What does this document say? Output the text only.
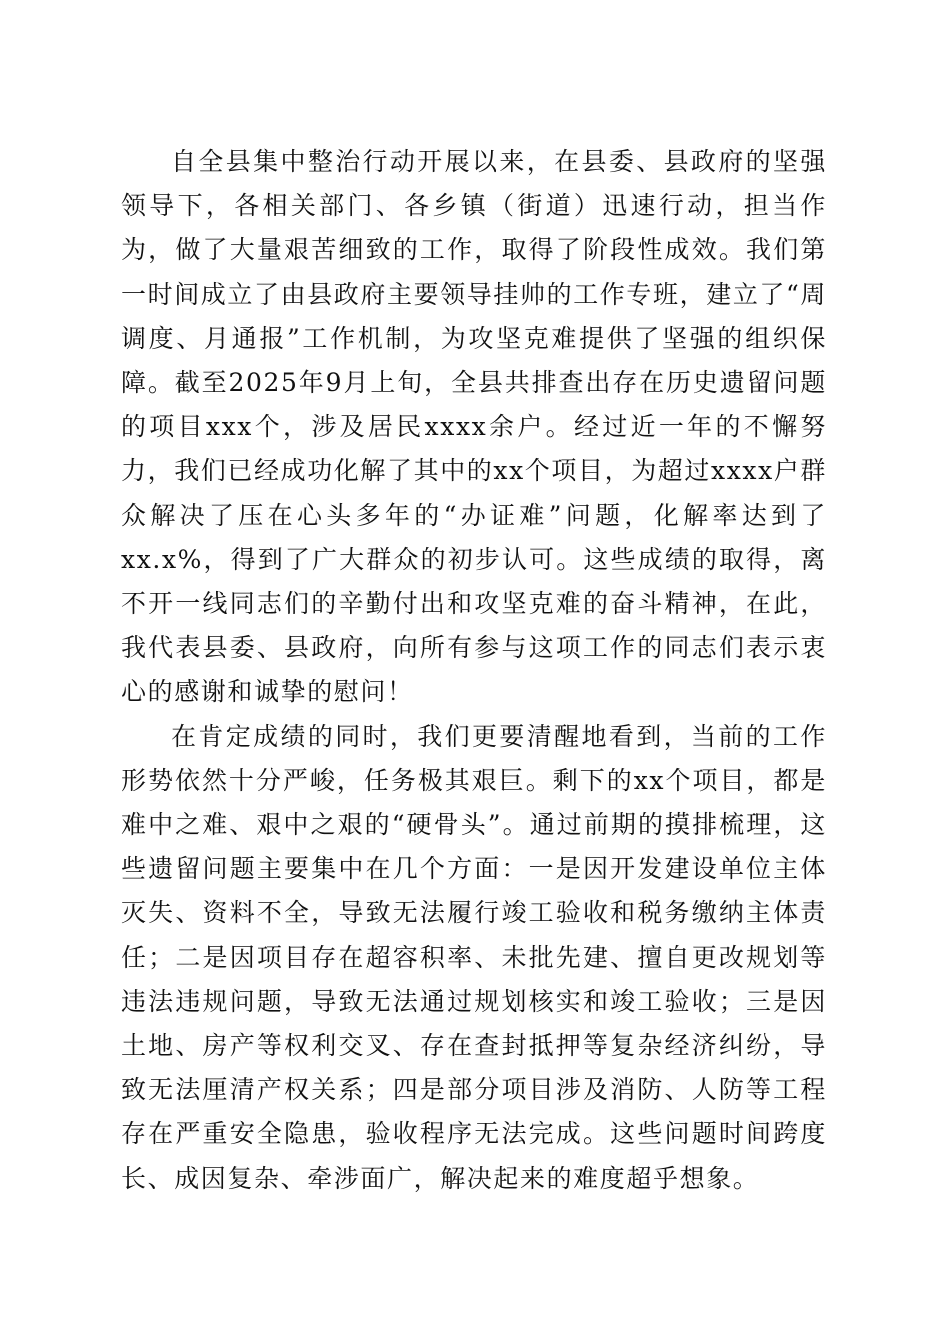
自全县集中整治行动开展以来，在县委、县政府的坚强领导下，各相关部门、各乡镇（街道）迅速行动，担当作为，做了大量艰苦细致的工作，取得了阶段性成效。我们第一时间成立了由县政府主要领导挂帅的工作专班，建立了“周调度、月通报”工作机制，为攻坚克难提供了坚强的组织保障。截至2025年9月上旬，全县共排查出存在历史遗留问题的项目xxx个，涉及居民xxxx余户。经过近一年的不懈努力，我们已经成功化解了其中的xx个项目，为超过xxxx户群众解决了压在心头多年的“办证难”问题，化解率达到了xx.x%，得到了广大群众的初步认可。这些成绩的取得，离不开一线同志们的辛勤付出和攻坚克难的奋斗精神，在此，我代表县委、县政府，向所有参与这项工作的同志们表示衷心的感谢和诚挚的慰问！

在肯定成绩的同时，我们更要清醒地看到，当前的工作形势依然十分严峻，任务极其艰巨。剩下的xx个项目，都是难中之难、艰中之艰的“硬骨头”。通过前期的摸排梳理，这些遗留问题主要集中在几个方面：一是因开发建设单位主体灭失、资料不全，导致无法履行竣工验收和税务缴纳主体责任；二是因项目存在超容积率、未批先建、擅自更改规划等违法违规问题，导致无法通过规划核实和竣工验收；三是因土地、房产等权利交叉、存在查封抵押等复杂经济纠纷，导致无法厘清产权关系；四是部分项目涉及消防、人防等工程存在严重安全隐患，验收程序无法完成。这些问题时间跨度长、成因复杂、牵涉面广，解决起来的难度超乎想象。
